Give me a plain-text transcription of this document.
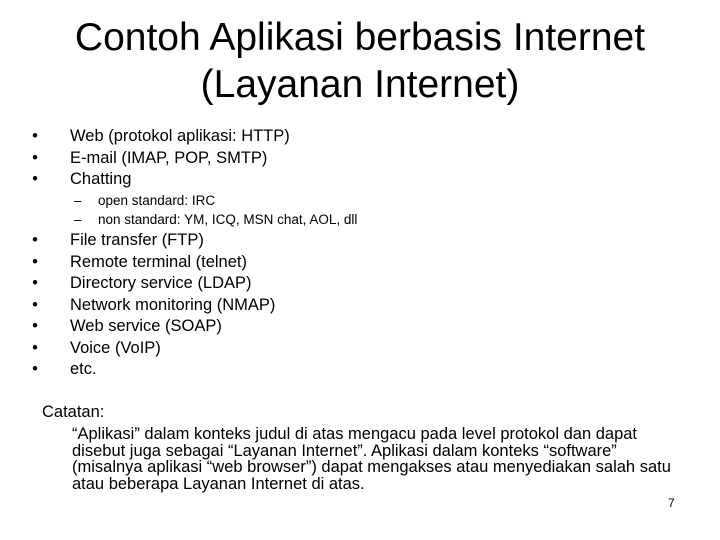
Contoh Aplikasi berbasis Internet
(Layanan Internet)
• Web (protokol aplikasi: HTTP)
• E-mail (IMAP, POP, SMTP)
• Chatting
– open standard: IRC
– non standard: YM, ICQ, MSN chat, AOL, dll
• File transfer (FTP)
• Remote terminal (telnet)
• Directory service (LDAP)
• Network monitoring (NMAP)
• Web service (SOAP)
• Voice (VoIP)
• etc.
Catatan:
“Aplikasi” dalam konteks judul di atas mengacu pada level protokol dan dapat disebut juga sebagai “Layanan Internet”. Aplikasi dalam konteks “software” (misalnya aplikasi “web browser”) dapat mengakses atau menyediakan salah satu atau beberapa Layanan Internet di atas.
7
